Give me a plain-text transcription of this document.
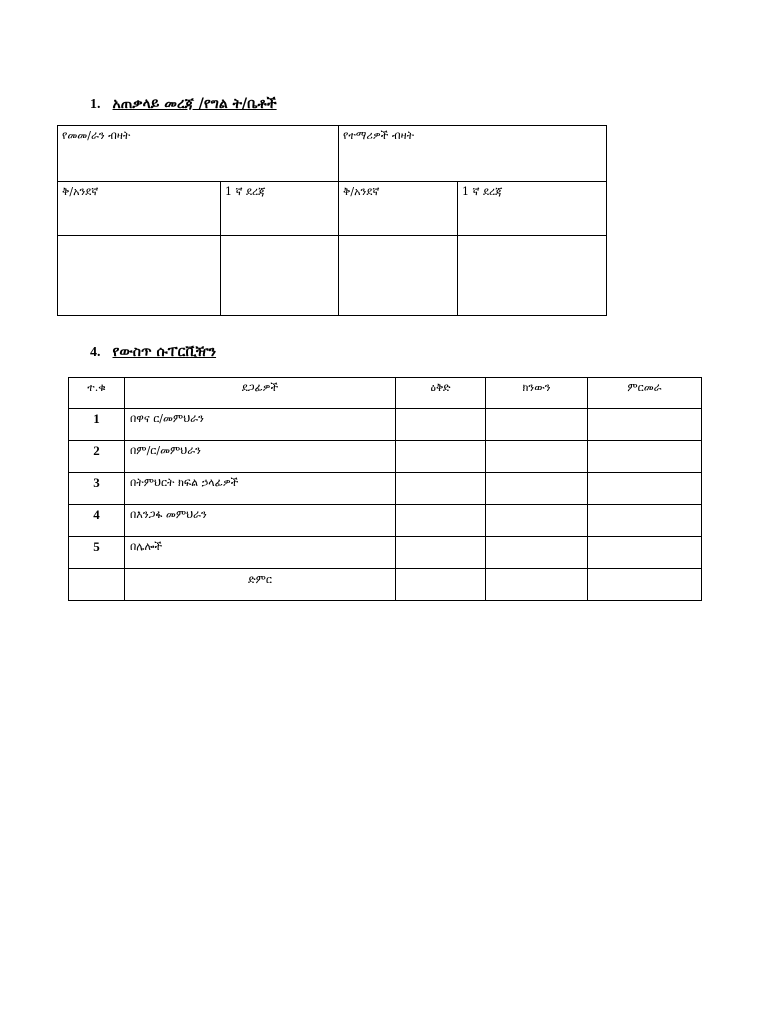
1. አጠቃላይ መረጃ /የግል ት/ቤቶች
የመመ/ራን ብዛት		የተማሪዎች ብዛት	
ቅ/አንደኛ	1 ኛ ደረጃ	ቅ/አንደኛ	1 ኛ ደረጃ

4. የውስጥ ሱፐርቪዥን
ተ.ቁ	ደጋፊዎች	ዕቅድ	ክንውን	ምርመራ
1	በዋና ር/መምህራን			
2	በም/ር/መምህራን			
3	በትምህርት ክፍል ኃላፊዎች			
4	በእንጋፋ መምህራን			
5	በሌሎች			
	ድምር			
